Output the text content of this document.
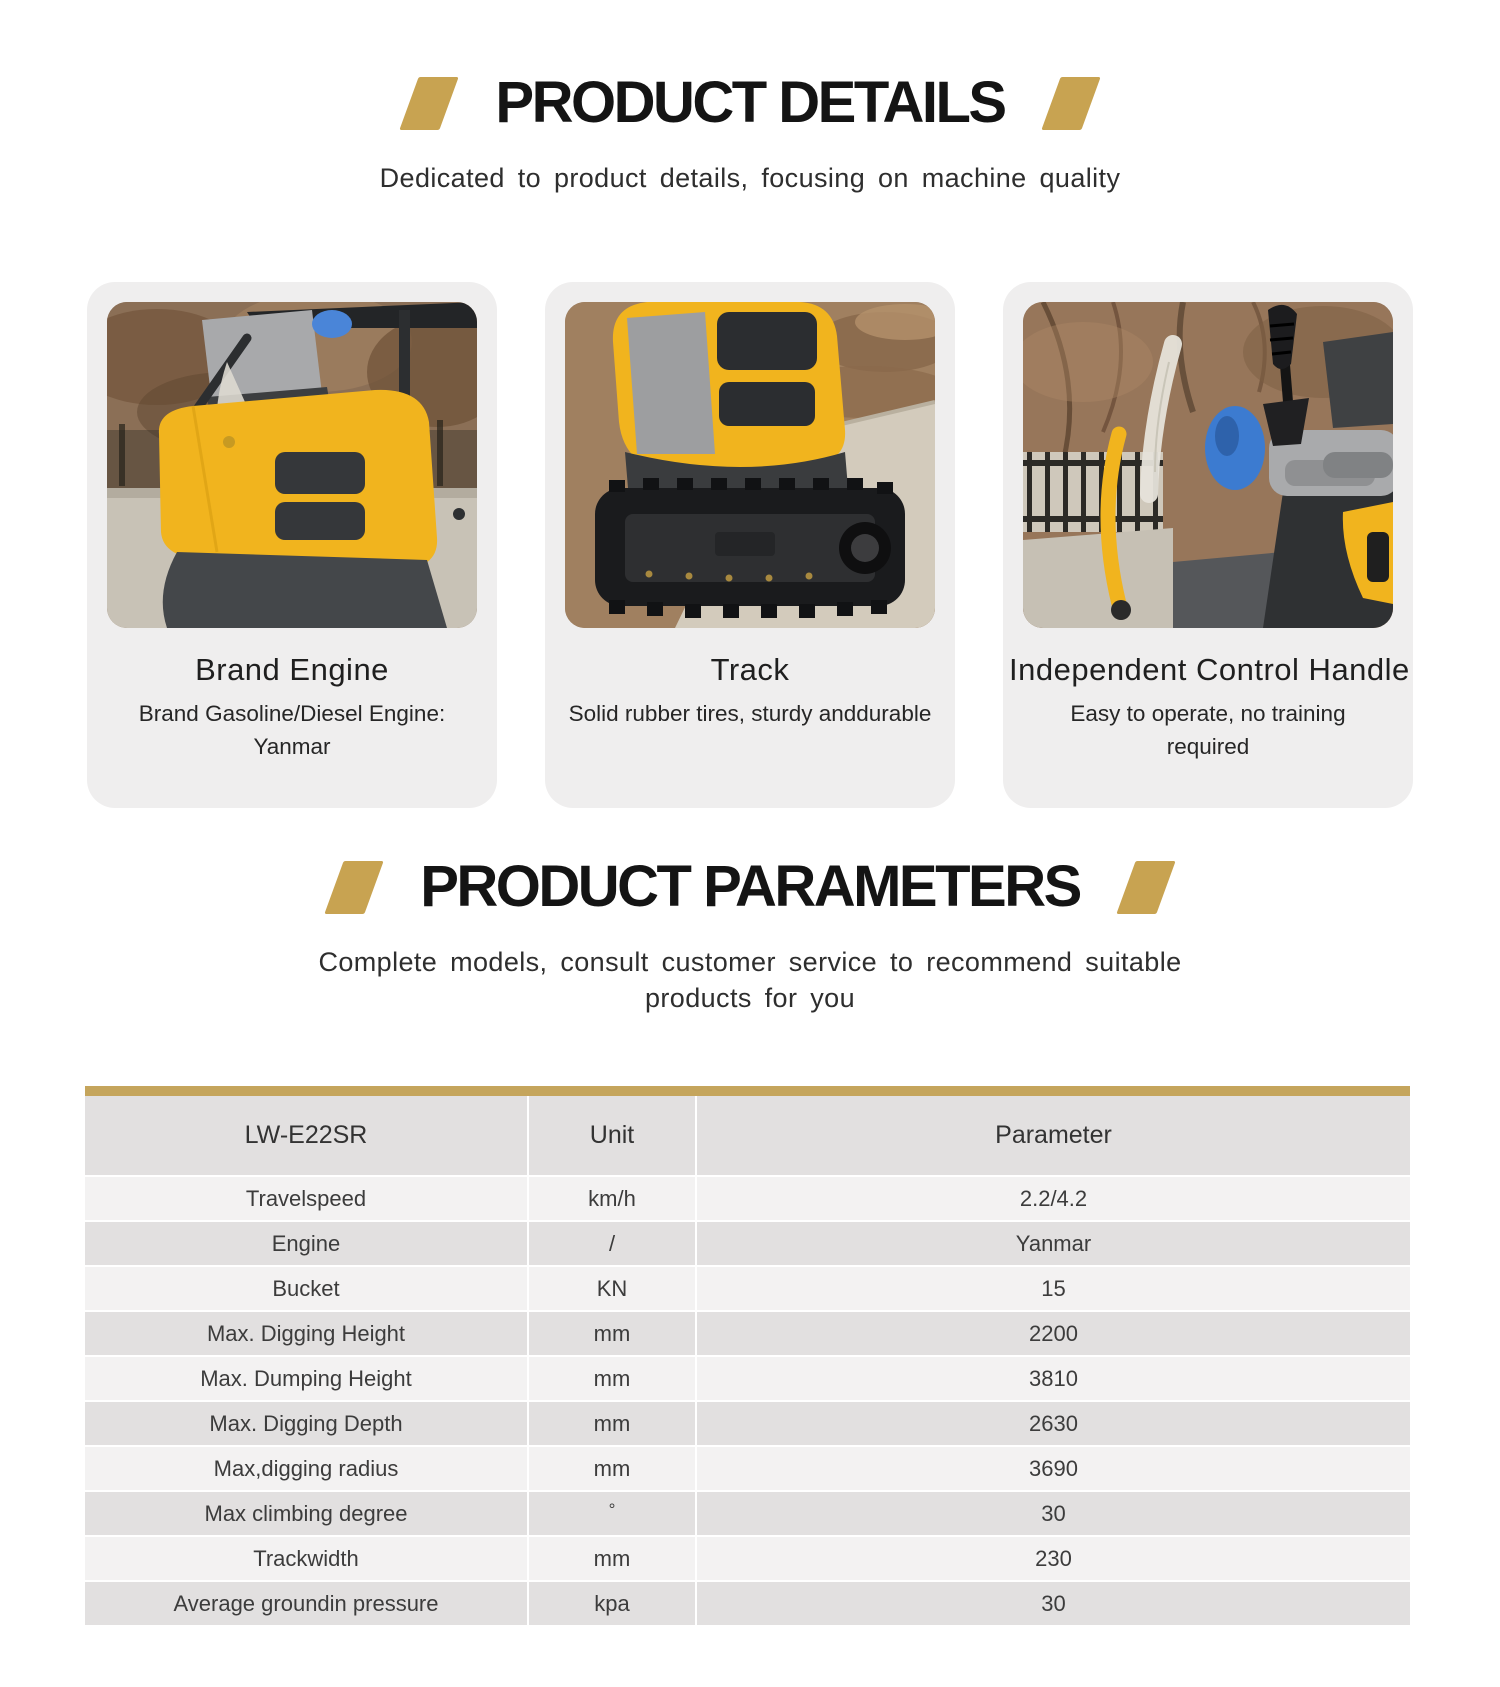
PRODUCT DETAILS

Dedicated to product details, focusing on machine quality

Brand Engine

Brand Gasoline/Diesel Engine: Yanmar

Track

Solid rubber tires, sturdy anddurable

Independent Control Handle

Easy to operate, no training required

PRODUCT PARAMETERS

Complete models, consult customer service to recommend suitable products for you

LW-E22SR	Unit	Parameter
Travelspeed	km/h	2.2/4.2
Engine	/	Yanmar
Bucket	KN	15
Max. Digging Height	mm	2200
Max. Dumping Height	mm	3810
Max. Digging Depth	mm	2630
Max,digging radius	mm	3690
Max climbing degree	°	30
Trackwidth	mm	230
Average groundin pressure	kpa	30
